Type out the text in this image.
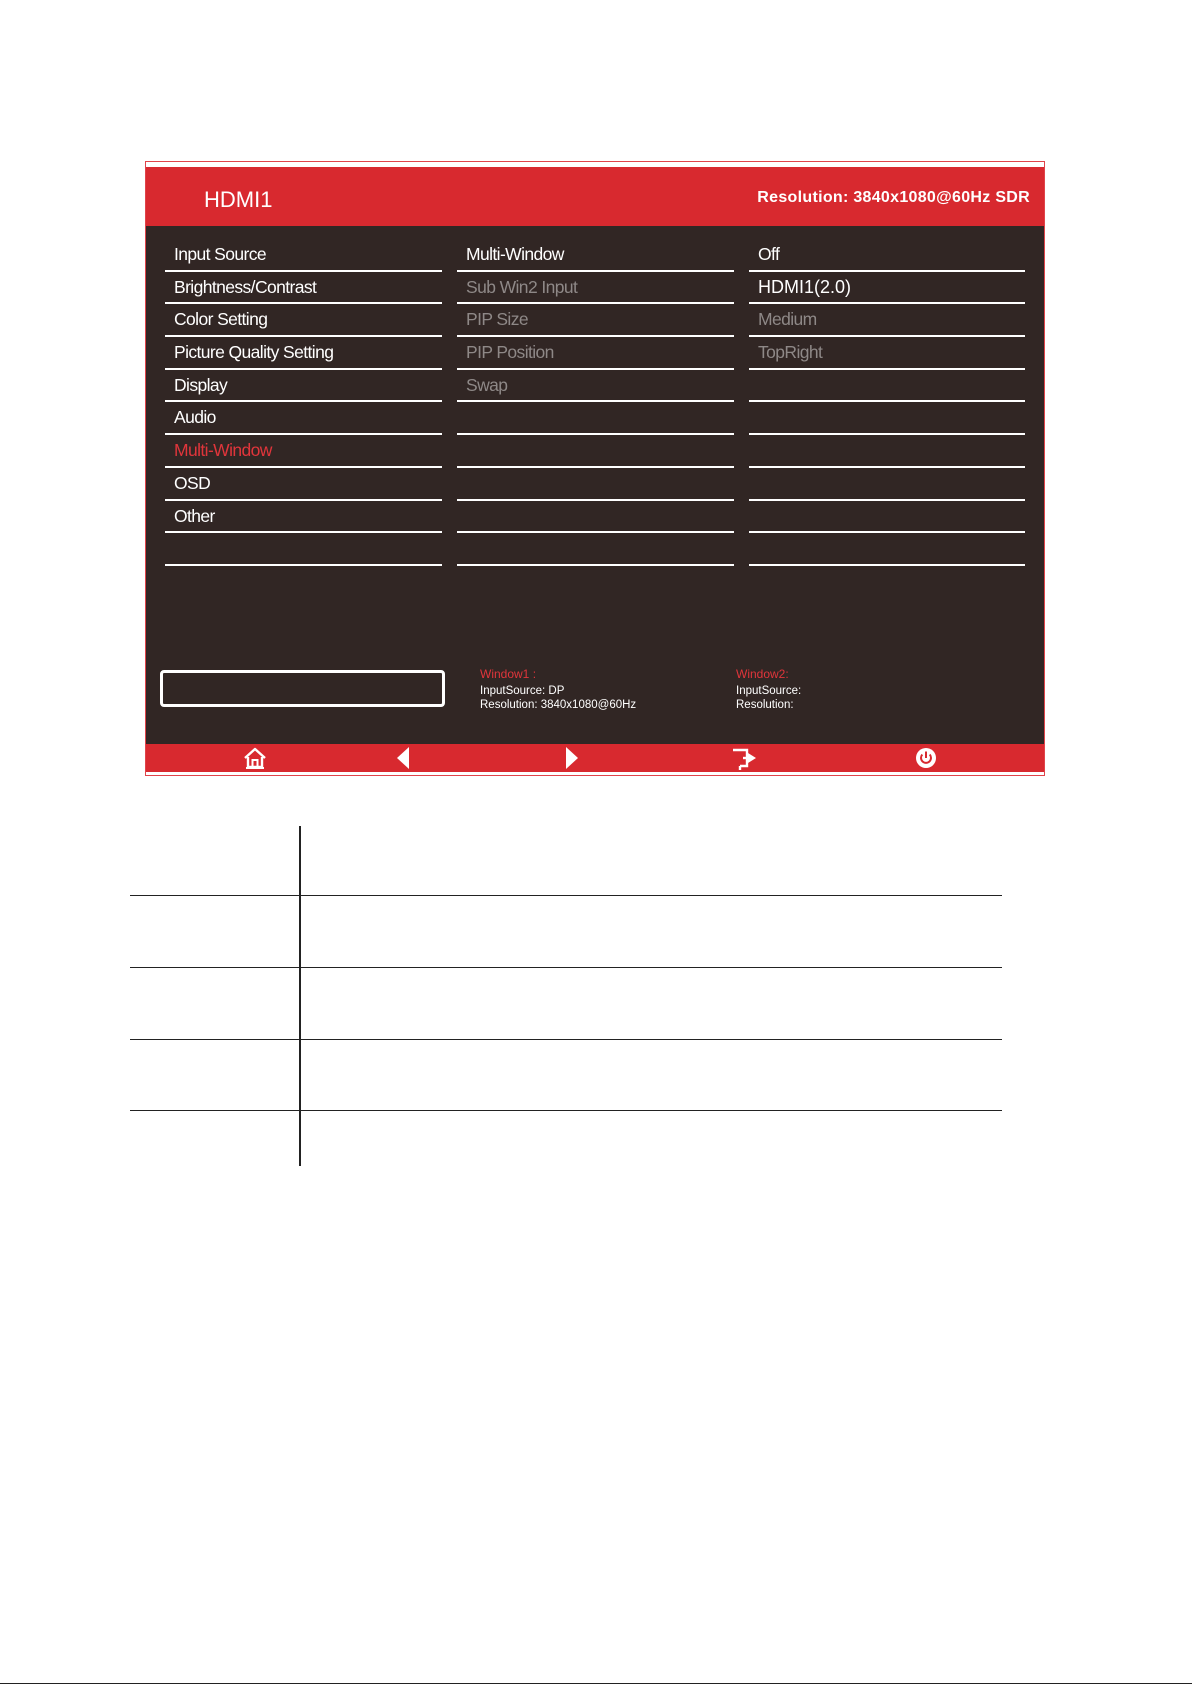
HDMI1	Resolution: 3840x1080@60Hz SDR
Input Source
Brightness/Contrast
Color Setting
Picture Quality Setting
Display
Audio
Multi-Window
OSD
Other
Multi-Window
Sub Win2 Input
PIP Size
PIP Position
Swap
Off
HDMI1(2.0)
Medium
TopRight
Window1 :
InputSource: DP
Resolution: 3840x1080@60Hz
Window2:
InputSource:
Resolution:
